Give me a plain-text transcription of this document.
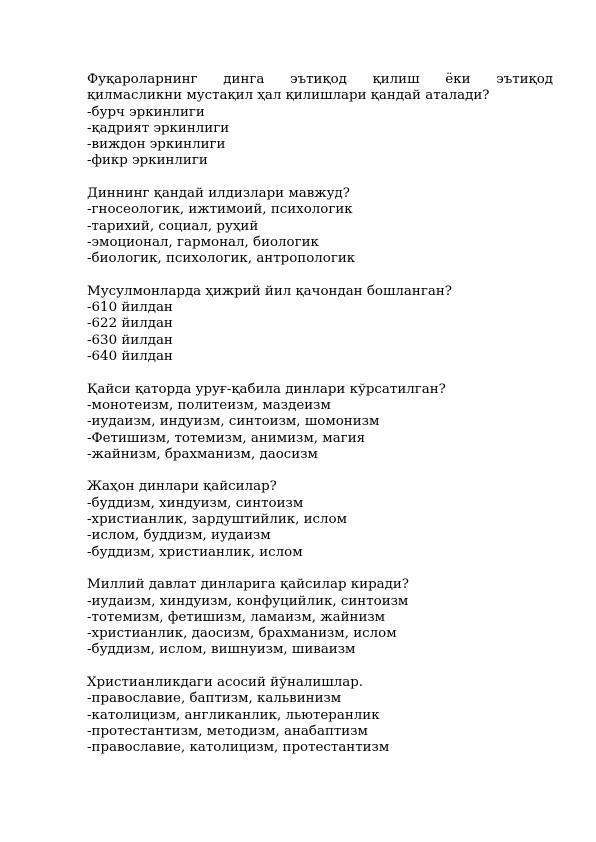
Фуқароларнинг динга эътиқод қилиш ёки эътиқод
қилмасликни мустақил ҳал қилишлари қандай аталади?
-бурч эркинлиги
-қадрият эркинлиги
-виждон эркинлиги
-фикр эркинлиги
Диннинг қандай илдизлари мавжуд?
-гносеологик, ижтимоий, психологик
-тарихий, социал, руҳий
-эмоционал, гармонал, биологик
-биологик, психологик, антропологик
Мусулмонларда ҳижрий йил қачондан бошланган?
-610 йилдан
-622 йилдан
-630 йилдан
-640 йилдан
Қайси қаторда уруғ-қабила динлари кўрсатилган?
-монотеизм, политеизм, маздеизм
-иудаизм, индуизм, синтоизм, шомонизм
-Фетишизм, тотемизм, анимизм, магия
-жайнизм, брахманизм, даосизм
Жаҳон динлари қайсилар?
-буддизм, хиндуизм, синтоизм
-христианлик, зардуштийлик, ислом
-ислом, буддизм, иудаизм
-буддизм, христианлик, ислом
Миллий давлат динларига қайсилар киради?
-иудаизм, хиндуизм, конфуцийлик, синтоизм
-тотемизм, фетишизм, ламаизм, жайнизм
-христианлик, даосизм, брахманизм, ислом
-буддизм, ислом, вишнуизм, шиваизм
Христианликдаги асосий йўналишлар.
-православие, баптизм, кальвинизм
-католицизм, англиканлик, льютеранлик
-протестантизм, методизм, анабаптизм
-православие, католицизм, протестантизм
